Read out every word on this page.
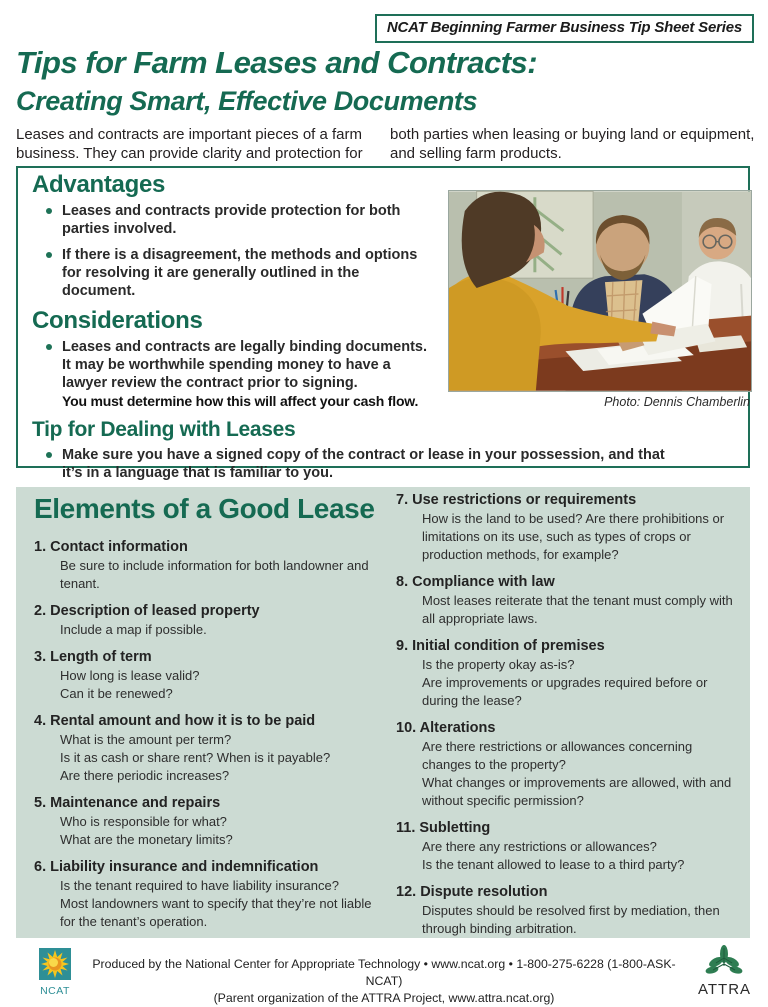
NCAT Beginning Farmer Business Tip Sheet Series
Tips for Farm Leases and Contracts:
Creating Smart, Effective Documents

Leases and contracts are important pieces of a farm business. They can provide clarity and protection for

both parties when leasing or buying land or equipment, and selling farm products.

Advantages
Leases and contracts provide protection for both parties involved.
If there is a disagreement, the methods and options for resolving it are generally outlined in the document.
Considerations
Leases and contracts are legally binding documents. It may be worthwhile spending money to have a lawyer review the contract prior to signing.
You must determine how this will affect your cash flow.
Tip for Dealing with Leases
Make sure you have a signed copy of the contract or lease in your possession, and that it’s in a language that is familiar to you.
Photo: Dennis Chamberlin
Elements of a Good Lease
1. Contact information
Be sure to include information for both landowner and tenant.
2. Description of leased property
Include a map if possible.
3. Length of term
How long is lease valid?
Can it be renewed?
4. Rental amount and how it is to be paid
What is the amount per term?
Is it as cash or share rent? When is it payable?
Are there periodic increases?
5. Maintenance and repairs
Who is responsible for what?
What are the monetary limits?
6. Liability insurance and indemnification
Is the tenant required to have liability insurance?
Most landowners want to specify that they’re not liable for the tenant’s operation.
7. Use restrictions or requirements
How is the land to be used? Are there prohibitions or limitations on its use, such as types of crops or production methods, for example?
8. Compliance with law
Most leases reiterate that the tenant must comply with all appropriate laws.
9. Initial condition of premises
Is the property okay as-is?
Are improvements or upgrades required before or during the lease?
10. Alterations
Are there restrictions or allowances concerning changes to the property?
What changes or improvements are allowed, with and without specific permission?
11. Subletting
Are there any restrictions or allowances?
Is the tenant allowed to lease to a third party?
12. Dispute resolution
Disputes should be resolved first by mediation, then through binding arbitration.
NCAT
Produced by the National Center for Appropriate Technology • www.ncat.org • 1-800-275-6228 (1-800-ASK-NCAT)
(Parent organization of the ATTRA Project, www.attra.ncat.org)	ATTRA
